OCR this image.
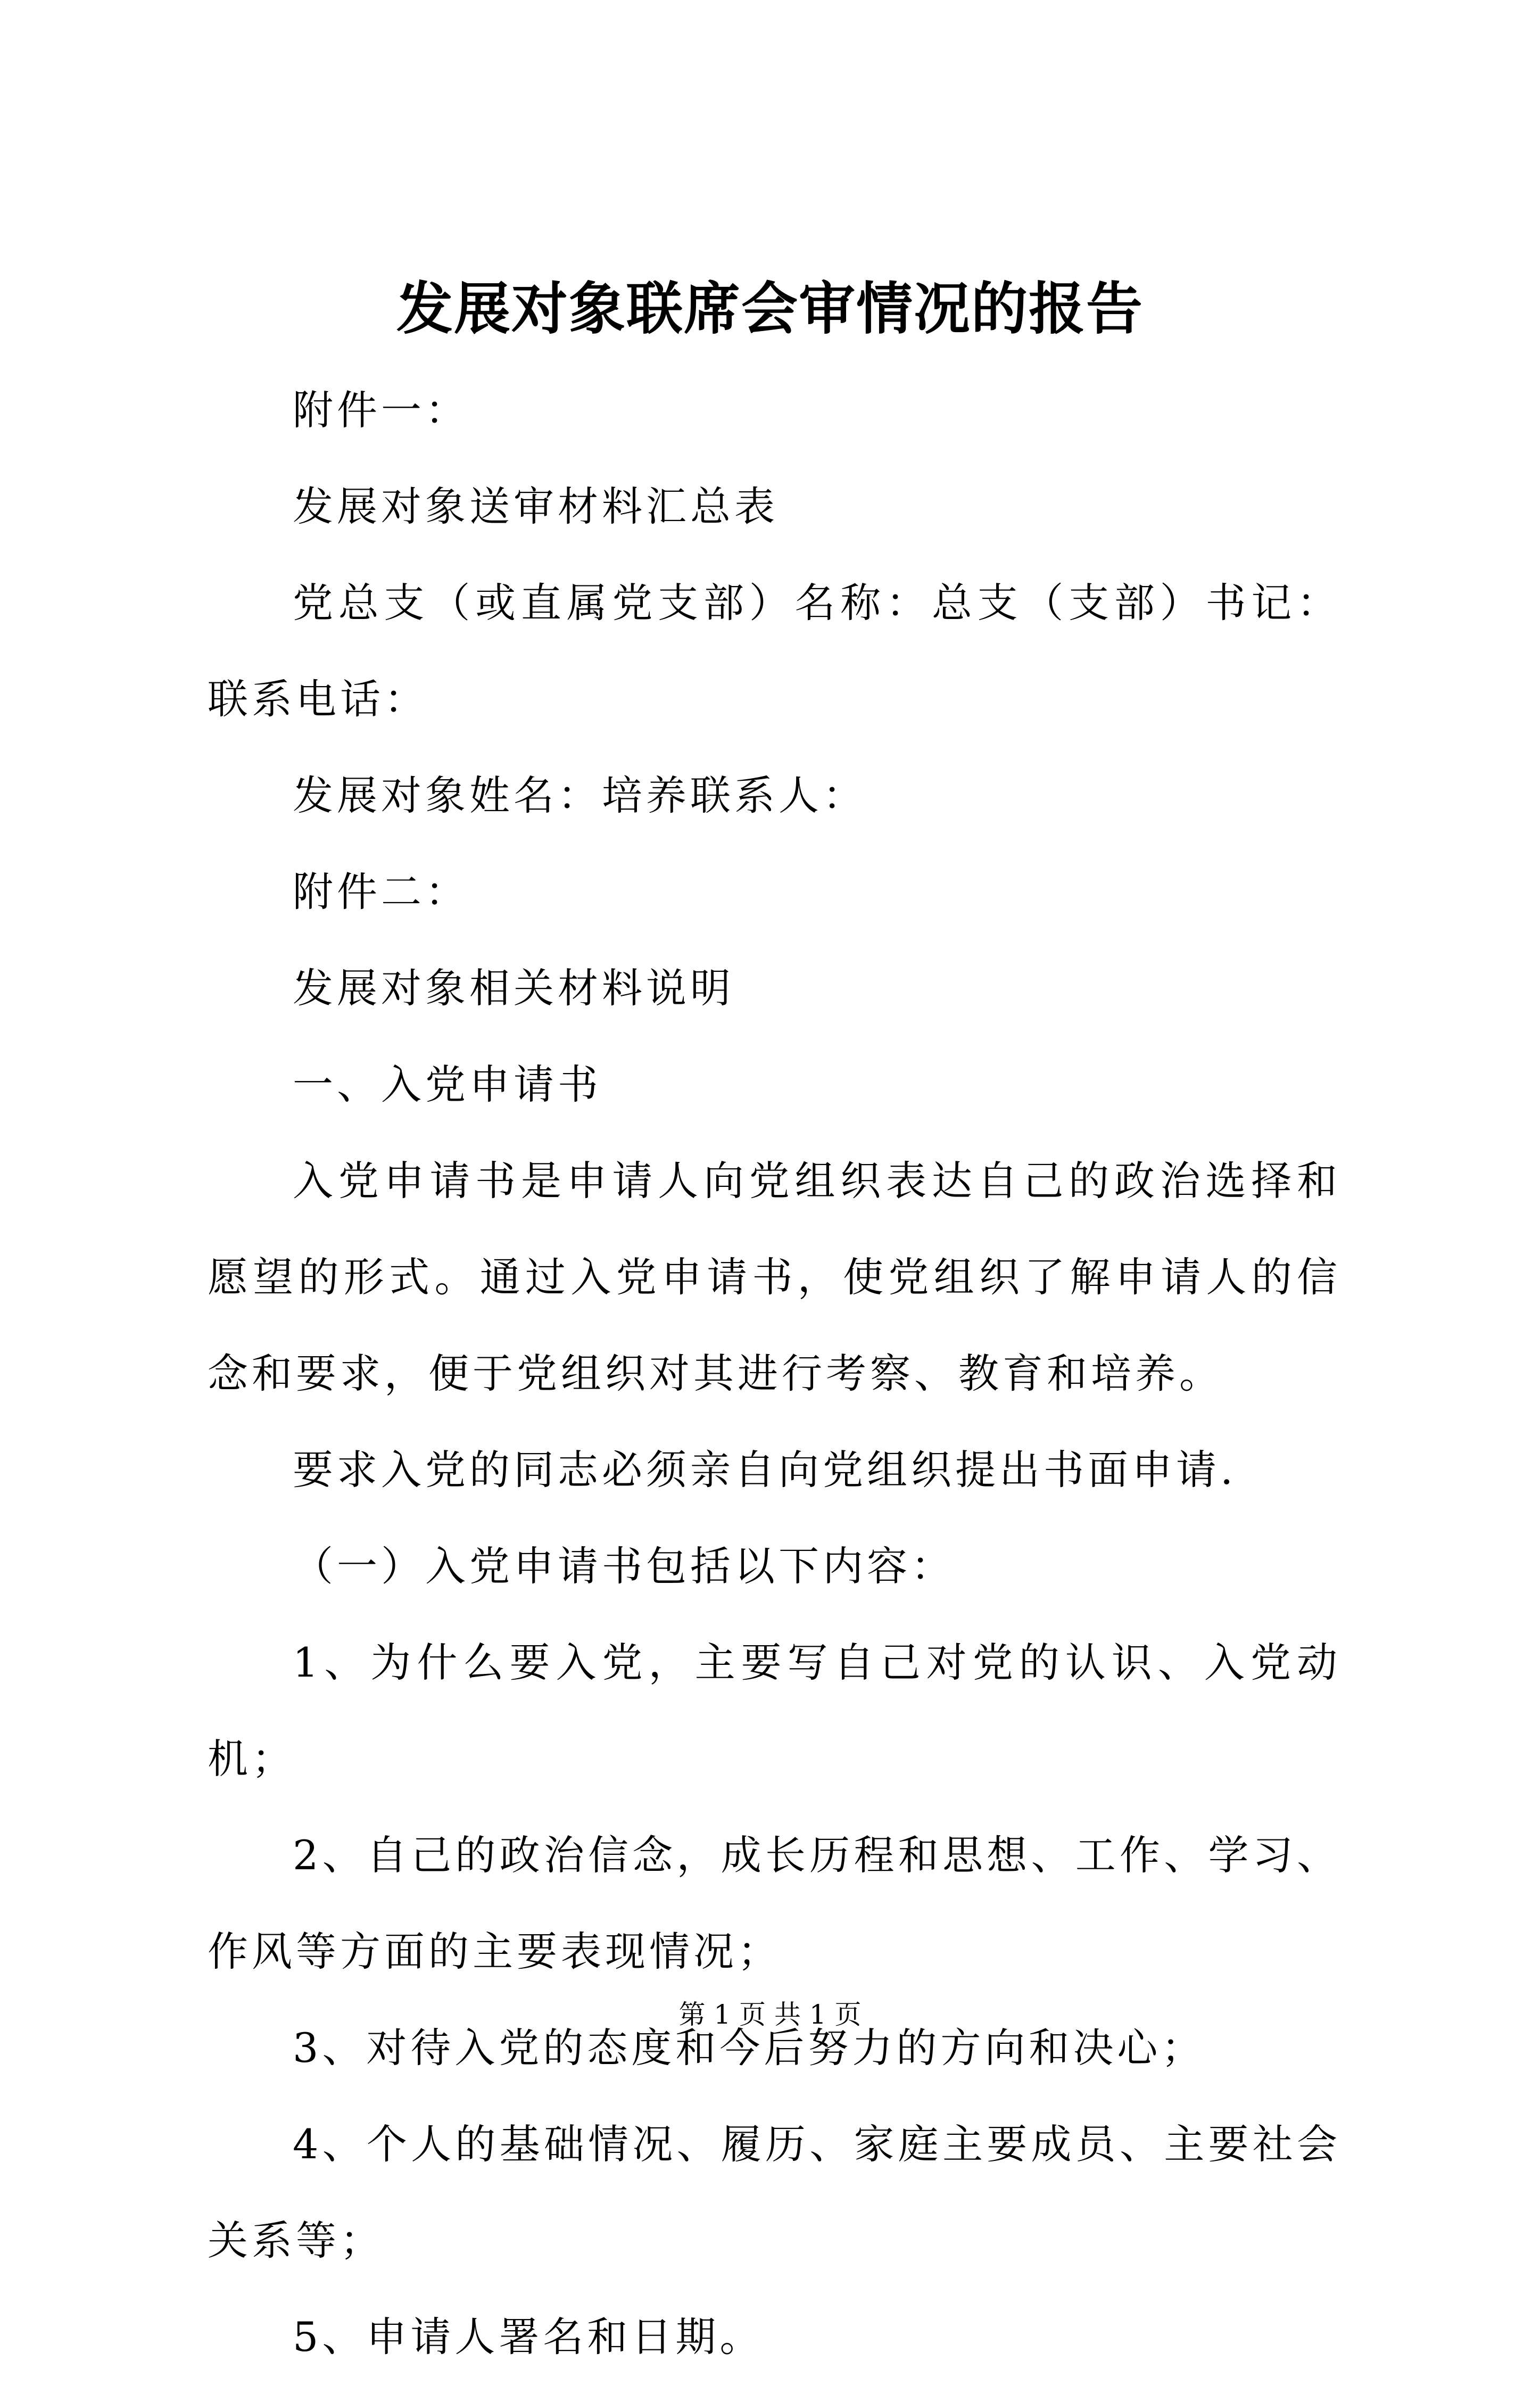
发展对象联席会审情况的报告

附件一：

发展对象送审材料汇总表

党总支（或直属党支部）名称：总支（支部）书记：联系电话：

发展对象姓名：培养联系人：

附件二：

发展对象相关材料说明

一、入党申请书

入党申请书是申请人向党组织表达自己的政治选择和愿望的形式。通过入党申请书，使党组织了解申请人的信念和要求，便于党组织对其进行考察、教育和培养。

要求入党的同志必须亲自向党组织提出书面申请.

（一）入党申请书包括以下内容：

1、为什么要入党，主要写自己对党的认识、入党动机；

2、自己的政治信念，成长历程和思想、工作、学习、作风等方面的主要表现情况；

3、对待入党的态度和今后努力的方向和决心；

4、个人的基础情况、履历、家庭主要成员、主要社会关系等；

5、申请人署名和日期。

第 1 页 共 1 页
